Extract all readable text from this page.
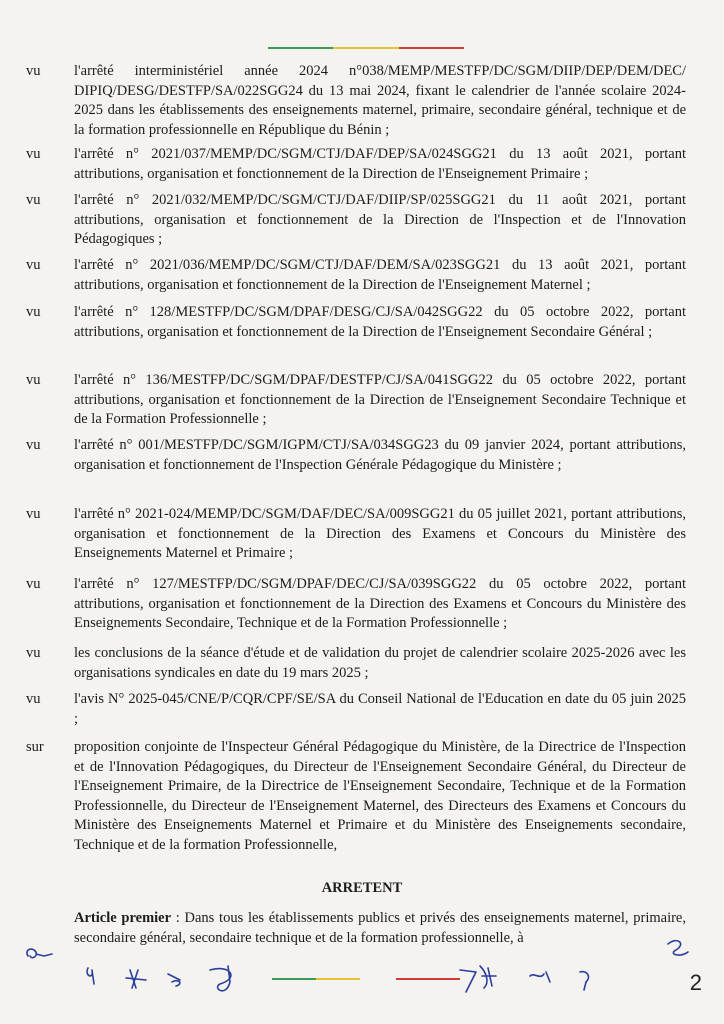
vu l'arrêté interministériel année 2024 n°038/MEMP/MESTFP/DC/SGM/DIIP/DEP/DEM/DEC/ DIPIQ/DESG/DESTFP/SA/022SGG24 du 13 mai 2024, fixant le calendrier de l'année scolaire 2024-2025 dans les établissements des enseignements maternel, primaire, secondaire général, technique et de la formation professionnelle en République du Bénin ;
vu l'arrêté n° 2021/037/MEMP/DC/SGM/CTJ/DAF/DEP/SA/024SGG21 du 13 août 2021, portant attributions, organisation et fonctionnement de la Direction de l'Enseignement Primaire ;
vu l'arrêté n° 2021/032/MEMP/DC/SGM/CTJ/DAF/DIIP/SP/025SGG21 du 11 août 2021, portant attributions, organisation et fonctionnement de la Direction de l'Inspection et de l'Innovation Pédagogiques ;
vu l'arrêté n° 2021/036/MEMP/DC/SGM/CTJ/DAF/DEM/SA/023SGG21 du 13 août 2021, portant attributions, organisation et fonctionnement de la Direction de l'Enseignement Maternel ;
vu l'arrêté n° 128/MESTFP/DC/SGM/DPAF/DESG/CJ/SA/042SGG22 du 05 octobre 2022, portant attributions, organisation et fonctionnement de la Direction de l'Enseignement Secondaire Général ;
vu l'arrêté n° 136/MESTFP/DC/SGM/DPAF/DESTFP/CJ/SA/041SGG22 du 05 octobre 2022, portant attributions, organisation et fonctionnement de la Direction de l'Enseignement Secondaire Technique et de la Formation Professionnelle ;
vu l'arrêté n° 001/MESTFP/DC/SGM/IGPM/CTJ/SA/034SGG23 du 09 janvier 2024, portant attributions, organisation et fonctionnement de l'Inspection Générale Pédagogique du Ministère ;
vu l'arrêté n° 2021-024/MEMP/DC/SGM/DAF/DEC/SA/009SGG21 du 05 juillet 2021, portant attributions, organisation et fonctionnement de la Direction des Examens et Concours du Ministère des Enseignements Maternel et Primaire ;
vu l'arrêté n° 127/MESTFP/DC/SGM/DPAF/DEC/CJ/SA/039SGG22 du 05 octobre 2022, portant attributions, organisation et fonctionnement de la Direction des Examens et Concours du Ministère des Enseignements Secondaire, Technique et de la Formation Professionnelle ;
vu les conclusions de la séance d'étude et de validation du projet de calendrier scolaire 2025-2026 avec les organisations syndicales en date du 19 mars 2025 ;
vu l'avis N° 2025-045/CNE/P/CQR/CPF/SE/SA du Conseil National de l'Education en date du 05 juin 2025 ;
sur proposition conjointe de l'Inspecteur Général Pédagogique du Ministère, de la Directrice de l'Inspection et de l'Innovation Pédagogiques, du Directeur de l'Enseignement Secondaire Général, du Directeur de l'Enseignement Primaire, de la Directrice de l'Enseignement Secondaire, Technique et de la Formation Professionnelle, du Directeur de l'Enseignement Maternel, des Directeurs des Examens et Concours du Ministère des Enseignements Maternel et Primaire et du Ministère des Enseignements secondaire, Technique et de la formation Professionnelle,
ARRETENT
Article premier : Dans tous les établissements publics et privés des enseignements maternel, primaire, secondaire général, secondaire technique et de la formation professionnelle, à
2
